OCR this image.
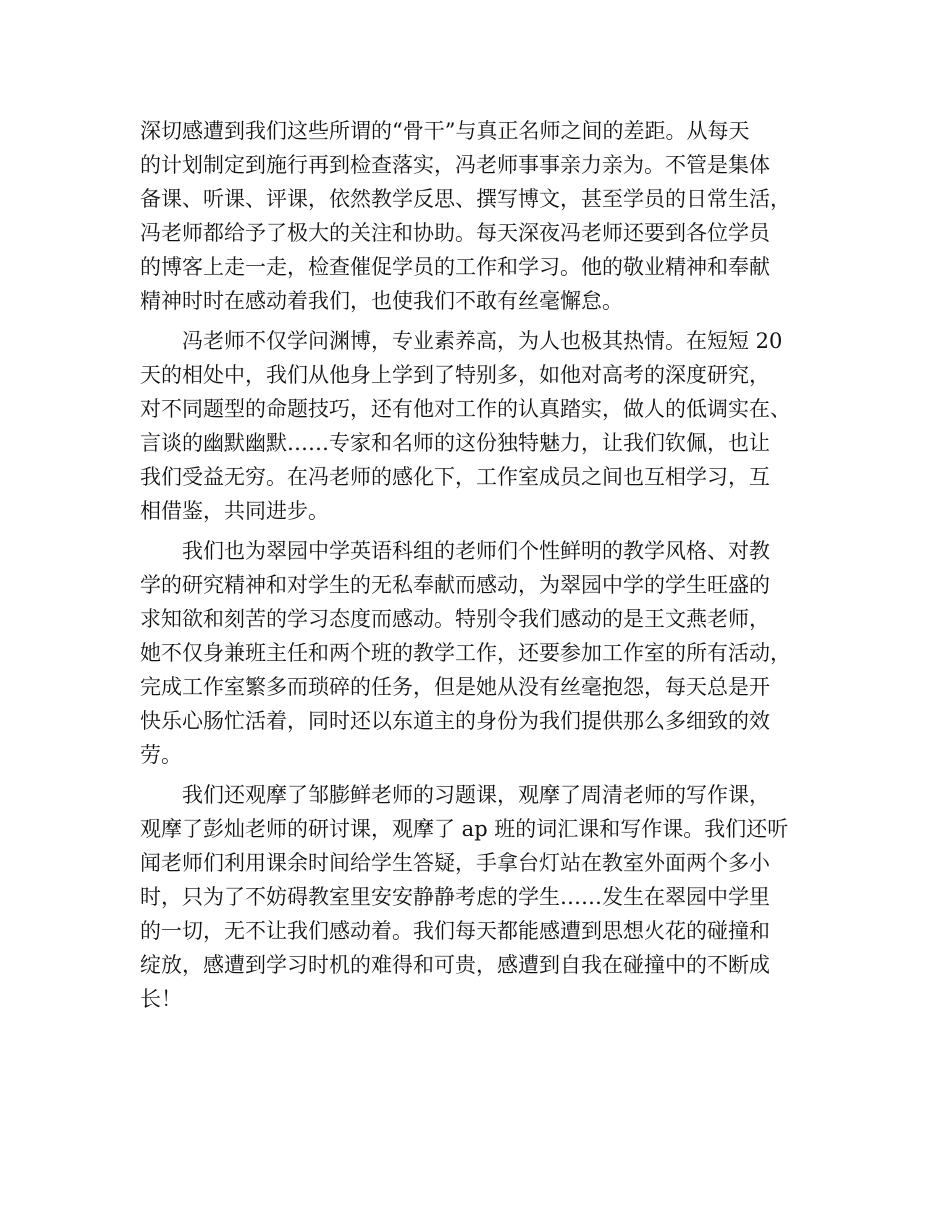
深切感遭到我们这些所谓的“骨干”与真正名师之间的差距。从每天
的计划制定到施行再到检查落实，冯老师事事亲力亲为。不管是集体
备课、听课、评课，依然教学反思、撰写博文，甚至学员的日常生活，
冯老师都给予了极大的关注和协助。每天深夜冯老师还要到各位学员
的博客上走一走，检查催促学员的工作和学习。他的敬业精神和奉献
精神时时在感动着我们，也使我们不敢有丝毫懈怠。
冯老师不仅学问渊博，专业素养高，为人也极其热情。在短短 20
天的相处中，我们从他身上学到了特别多，如他对高考的深度研究，
对不同题型的命题技巧，还有他对工作的认真踏实，做人的低调实在、
言谈的幽默幽默……专家和名师的这份独特魅力，让我们钦佩，也让
我们受益无穷。在冯老师的感化下，工作室成员之间也互相学习，互
相借鉴，共同进步。
我们也为翠园中学英语科组的老师们个性鲜明的教学风格、对教
学的研究精神和对学生的无私奉献而感动，为翠园中学的学生旺盛的
求知欲和刻苦的学习态度而感动。特别令我们感动的是王文燕老师，
她不仅身兼班主任和两个班的教学工作，还要参加工作室的所有活动，
完成工作室繁多而琐碎的任务，但是她从没有丝毫抱怨，每天总是开
快乐心肠忙活着，同时还以东道主的身份为我们提供那么多细致的效
劳。
我们还观摩了邹膨鲜老师的习题课，观摩了周清老师的写作课，
观摩了彭灿老师的研讨课，观摩了 ap 班的词汇课和写作课。我们还听
闻老师们利用课余时间给学生答疑，手拿台灯站在教室外面两个多小
时，只为了不妨碍教室里安安静静考虑的学生……发生在翠园中学里
的一切，无不让我们感动着。我们每天都能感遭到思想火花的碰撞和
绽放，感遭到学习时机的难得和可贵，感遭到自我在碰撞中的不断成
长！
